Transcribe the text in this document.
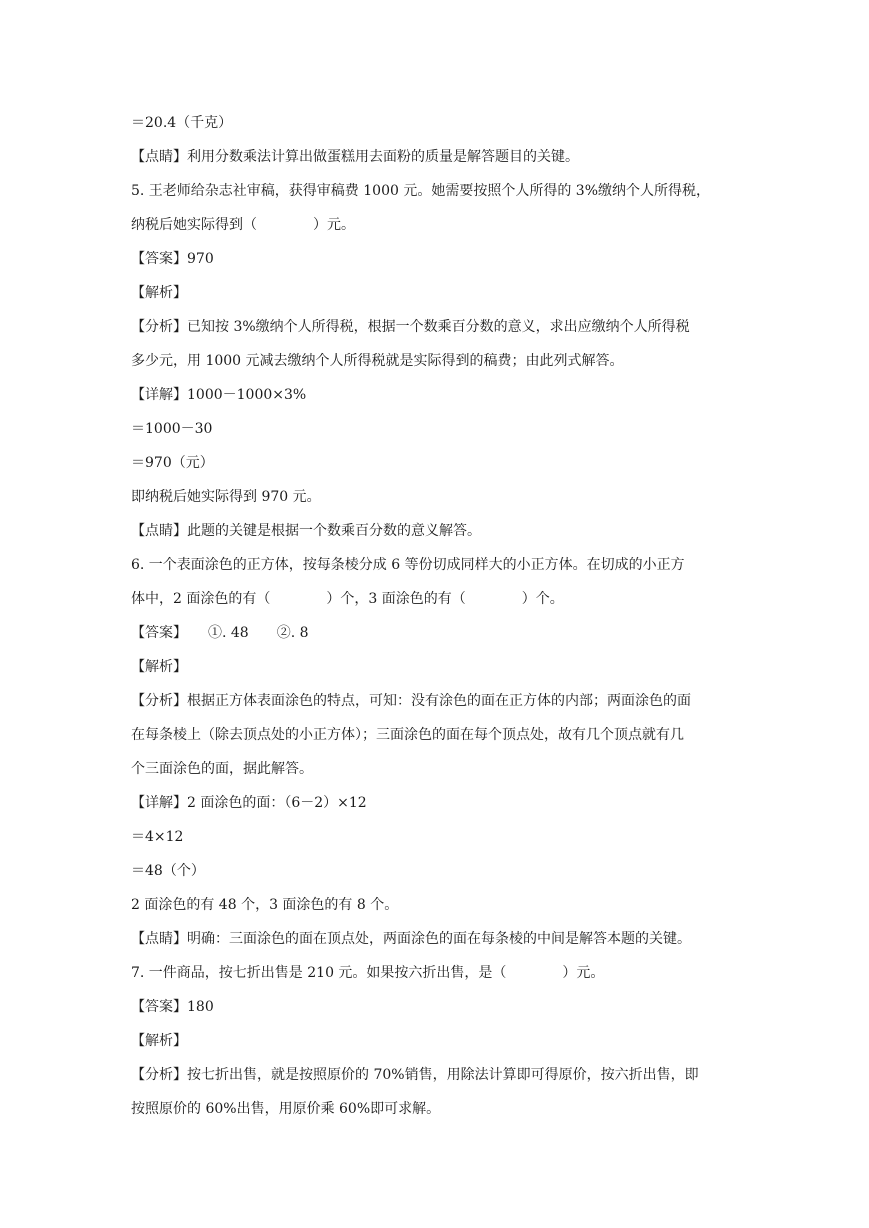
＝20.4（千克）
【点睛】利用分数乘法计算出做蛋糕用去面粉的质量是解答题目的关键。
5. 王老师给杂志社审稿，获得审稿费 1000 元。她需要按照个人所得的 3%缴纳个人所得税，
纳税后她实际得到（　　　　）元。
【答案】970
【解析】
【分析】已知按 3%缴纳个人所得税，根据一个数乘百分数的意义，求出应缴纳个人所得税
多少元，用 1000 元减去缴纳个人所得税就是实际得到的稿费；由此列式解答。
【详解】1000－1000×3%
＝1000－30
＝970（元）
即纳税后她实际得到 970 元。
【点睛】此题的关键是根据一个数乘百分数的意义解答。
6. 一个表面涂色的正方体，按每条棱分成 6 等份切成同样大的小正方体。在切成的小正方
体中，2 面涂色的有（　　　　）个，3 面涂色的有（　　　　）个。
【答案】　　①. 48　　②. 8
【解析】
【分析】根据正方体表面涂色的特点，可知：没有涂色的面在正方体的内部；两面涂色的面
在每条棱上（除去顶点处的小正方体）；三面涂色的面在每个顶点处，故有几个顶点就有几
个三面涂色的面，据此解答。
【详解】2 面涂色的面：（6－2）×12
＝4×12
＝48（个）
2 面涂色的有 48 个，3 面涂色的有 8 个。
【点睛】明确：三面涂色的面在顶点处，两面涂色的面在每条棱的中间是解答本题的关键。
7. 一件商品，按七折出售是 210 元。如果按六折出售，是（　　　　）元。
【答案】180
【解析】
【分析】按七折出售，就是按照原价的 70%销售，用除法计算即可得原价，按六折出售，即
按照原价的 60%出售，用原价乘 60%即可求解。
